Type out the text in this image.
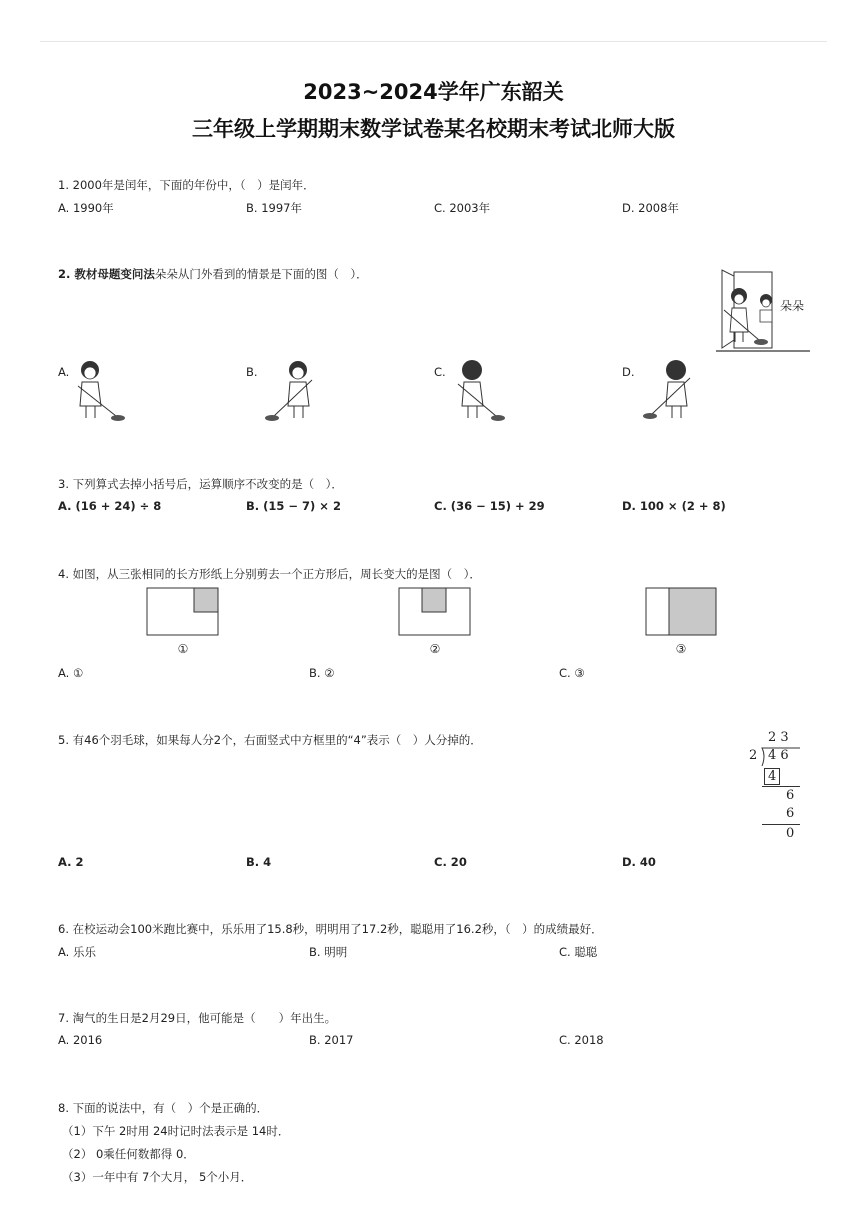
2023~2024学年广东韶关
三年级上学期期末数学试卷某名校期末考试北师大版
1. 2000年是闰年，下面的年份中，（　）是闰年．
A. 1990年	B. 1997年	C. 2003年	D. 2008年
2. 教材母题变问法朵朵从门外看到的情景是下面的图（　）．
朵朵
A.	B.	C.	D.
3. 下列算式去掉小括号后，运算顺序不改变的是（　）．
A. (16 + 24) ÷ 8	B. (15 − 7) × 2	C. (36 − 15) + 29	D. 100 × (2 + 8)
4. 如图，从三张相同的长方形纸上分别剪去一个正方形后，周长变大的是图（　）．
①	②	③
A. ①	B. ②	C. ③
5. 有46个羽毛球，如果每人分2个，右面竖式中方框里的“4”表示（　）人分掉的．	2 3
2 4 6
4
6
6
0
A. 2	B. 4	C. 20	D. 40
6. 在校运动会100米跑比赛中，乐乐用了15.8秒，明明用了17.2秒，聪聪用了16.2秒，（　）的成绩最好．
A. 乐乐	B. 明明	C. 聪聪
7. 淘气的生日是2月29日，他可能是（　　）年出生。
A. 2016	B. 2017	C. 2018
8. 下面的说法中，有（　）个是正确的．
（1）下午 2时用 24时记时法表示是 14时．
（2） 0乘任何数都得 0．
（3）一年中有 7个大月， 5个小月．
